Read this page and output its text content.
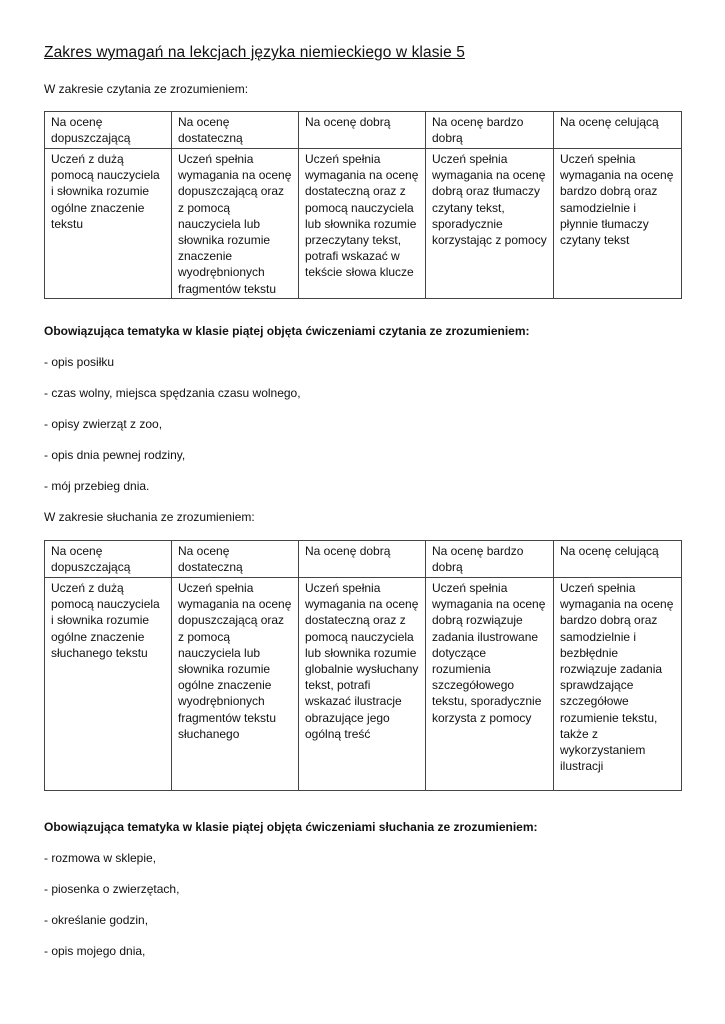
Zakres wymagań na lekcjach języka niemieckiego w klasie 5
W zakresie czytania ze zrozumieniem:
Na ocenę dopuszczającą	Na ocenę dostateczną	Na ocenę dobrą	Na ocenę bardzo dobrą	Na ocenę celującą
Uczeń z dużą pomocą nauczyciela i słownika rozumie ogólne znaczenie tekstu	Uczeń spełnia wymagania na ocenę dopuszczającą oraz z pomocą nauczyciela lub słownika rozumie znaczenie wyodrębnionych fragmentów tekstu	Uczeń spełnia wymagania na ocenę dostateczną oraz z pomocą nauczyciela lub słownika rozumie przeczytany tekst, potrafi wskazać w tekście słowa klucze	Uczeń spełnia wymagania na ocenę dobrą oraz tłumaczy czytany tekst, sporadycznie korzystając z pomocy	Uczeń spełnia wymagania na ocenę bardzo dobrą oraz samodzielnie i płynnie tłumaczy czytany tekst
Obowiązująca tematyka w klasie piątej objęta ćwiczeniami czytania ze zrozumieniem:
- opis posiłku
- czas wolny, miejsca spędzania czasu wolnego,
- opisy zwierząt z zoo,
- opis dnia pewnej rodziny,
- mój przebieg dnia.
W zakresie słuchania ze zrozumieniem:
Na ocenę dopuszczającą	Na ocenę dostateczną	Na ocenę dobrą	Na ocenę bardzo dobrą	Na ocenę celującą
Uczeń z dużą pomocą nauczyciela i słownika rozumie ogólne znaczenie słuchanego tekstu	Uczeń spełnia wymagania na ocenę dopuszczającą oraz z pomocą nauczyciela lub słownika rozumie ogólne znaczenie wyodrębnionych fragmentów tekstu słuchanego	Uczeń spełnia wymagania na ocenę dostateczną oraz z pomocą nauczyciela lub słownika rozumie globalnie wysłuchany tekst, potrafi wskazać ilustracje obrazujące jego ogólną treść	Uczeń spełnia wymagania na ocenę dobrą rozwiązuje zadania ilustrowane dotyczące rozumienia szczegółowego tekstu, sporadycznie korzysta z pomocy	Uczeń spełnia wymagania na ocenę bardzo dobrą oraz samodzielnie i bezbłędnie rozwiązuje zadania sprawdzające szczegółowe rozumienie tekstu, także z wykorzystaniem ilustracji
Obowiązująca tematyka w klasie piątej objęta ćwiczeniami słuchania ze zrozumieniem:
- rozmowa w sklepie,
- piosenka o zwierzętach,
- określanie godzin,
- opis mojego dnia,
